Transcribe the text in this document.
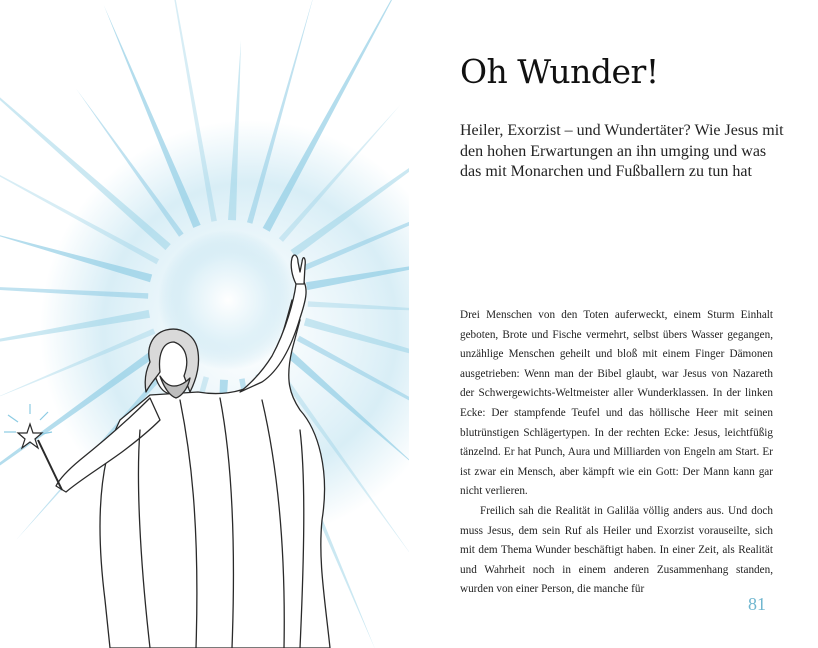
Oh Wunder!

Heiler, Exorzist – und Wundertäter? Wie Jesus mit den hohen Erwartungen an ihn umging und was das mit Monarchen und Fußballern zu tun hat

Drei Menschen von den Toten auferweckt, einem Sturm Einhalt geboten, Brote und Fische vermehrt, selbst übers Wasser gegangen, unzählige Menschen geheilt und bloß mit einem Finger Dämonen ausgetrieben: Wenn man der Bibel glaubt, war Jesus von Nazareth der Schwergewichts-Weltmeister aller Wunderklassen. In der linken Ecke: Der stampfende Teufel und das höllische Heer mit seinen blutrünstigen Schlägertypen. In der rechten Ecke: Jesus, leichtfüßig tänzelnd. Er hat Punch, Aura und Milliarden von Engeln am Start. Er ist zwar ein Mensch, aber kämpft wie ein Gott: Der Mann kann gar nicht verlieren.

Freilich sah die Realität in Galiläa völlig anders aus. Und doch muss Jesus, dem sein Ruf als Heiler und Exorzist vorauseilte, sich mit dem Thema Wunder beschäftigt haben. In einer Zeit, als Realität und Wahrheit noch in einem anderen Zusammenhang standen, wurden von einer Person, die manche für

81
